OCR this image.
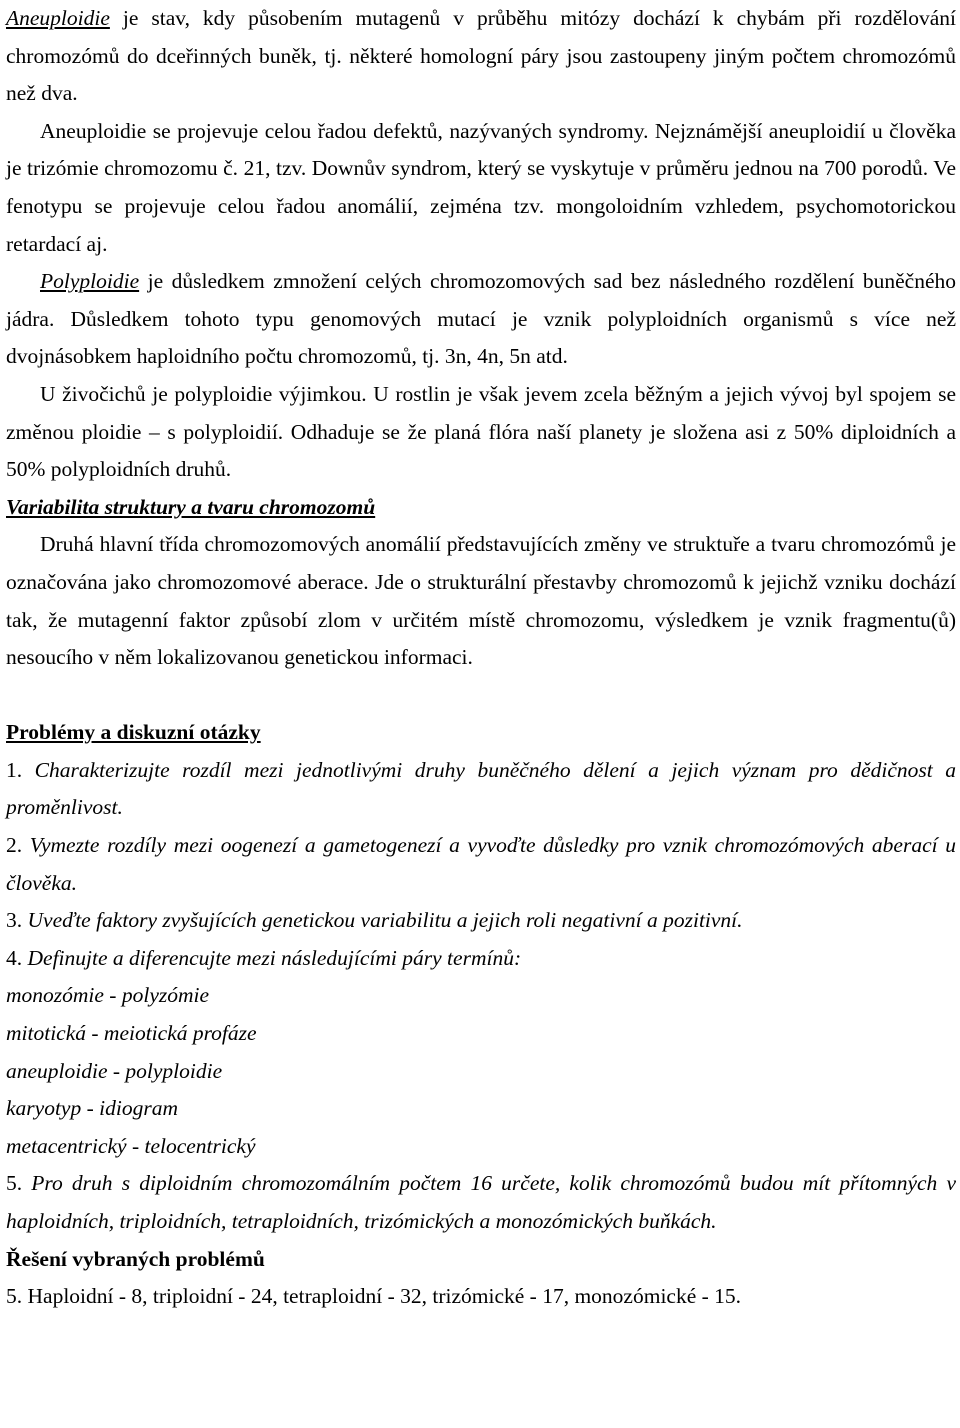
Aneuploidie je stav, kdy působením mutagenů v průběhu mitózy dochází k chybám při rozdělování chromozómů do dceřinných buněk, tj. některé homologní páry jsou zastoupeny jiným počtem chromozómů než dva.

Aneuploidie se projevuje celou řadou defektů, nazývaných syndromy. Nejznámější aneuploidií u člověka je trizómie chromozomu č. 21, tzv. Downův syndrom, který se vyskytuje v průměru jednou na 700 porodů. Ve fenotypu se projevuje celou řadou anomálií, zejména tzv. mongoloidním vzhledem, psychomotorickou retardací aj.

Polyploidie je důsledkem zmnožení celých chromozomových sad bez následného rozdělení buněčného jádra. Důsledkem tohoto typu genomových mutací je vznik polyploidních organismů s více než dvojnásobkem haploidního počtu chromozomů, tj. 3n, 4n, 5n atd.

U živočichů je polyploidie výjimkou. U rostlin je však jevem zcela běžným a jejich vývoj byl spojem se změnou ploidie – s polyploidií. Odhaduje se že planá flóra naší planety je složena asi z 50% diploidních a 50% polyploidních druhů.

Variabilita struktury a tvaru chromozomů

Druhá hlavní třída chromozomových anomálií představujících změny ve struktuře a tvaru chromozómů je označována jako chromozomové aberace. Jde o strukturální přestavby chromozomů k jejichž vzniku dochází tak, že mutagenní faktor způsobí zlom v určitém místě chromozomu, výsledkem je vznik fragmentu(ů) nesoucího v něm lokalizovanou genetickou informaci.

Problémy a diskuzní otázky

1. Charakterizujte rozdíl mezi jednotlivými druhy buněčného dělení a jejich význam pro dědičnost a proměnlivost.

2. Vymezte rozdíly mezi oogenezí a gametogenezí a vyvoďte důsledky pro vznik chromozómových aberací u člověka.

3. Uveďte faktory zvyšujících genetickou variabilitu a jejich roli negativní a pozitivní.

4. Definujte a diferencujte mezi následujícími páry termínů:

monozómie - polyzómie

mitotická - meiotická profáze

aneuploidie - polyploidie

karyotyp - idiogram

metacentrický - telocentrický

5. Pro druh s diploidním chromozomálním počtem 16 určete, kolik chromozómů budou mít přítomných v haploidních, triploidních, tetraploidních, trizómických a monozómických buňkách.

Řešení vybraných problémů

5. Haploidní - 8, triploidní - 24, tetraploidní - 32, trizómické - 17, monozómické - 15.
